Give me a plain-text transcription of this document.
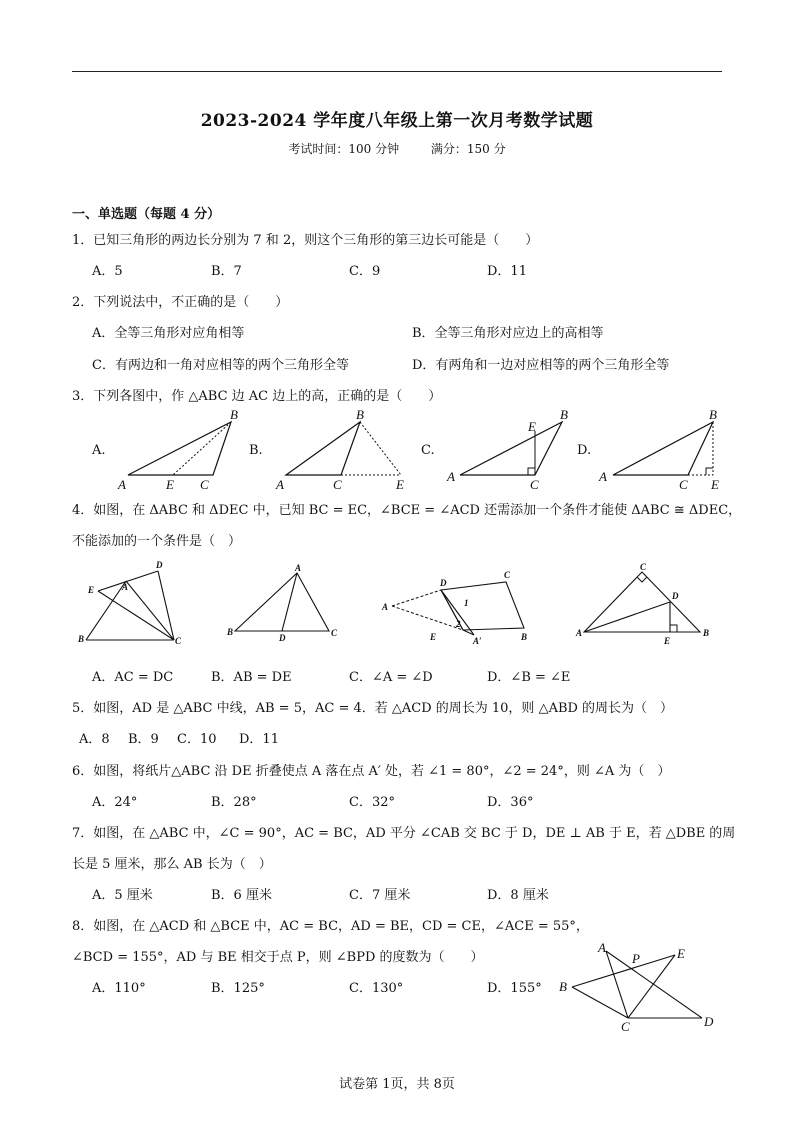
2023-2024 学年度八年级上第一次月考数学试题
考试时间：100 分钟	满分：150 分
一、单选题（每题 4 分）
1．已知三角形的两边长分别为 7 和 2，则这个三角形的第三边长可能是（　　）
A．5	B．7	C．9	D．11
2．下列说法中，不正确的是（　　）
A．全等三角形对应角相等	B．全等三角形对应边上的高相等
C．有两边和一角对应相等的两个三角形全等	D．有两角和一边对应相等的两个三角形全等
3．下列各图中，作 △ABC 边 AC 边上的高，正确的是（　　）
A.	B.	C.	D.
A	E C
B
A	C	E
B
A
C
E
B
A
C E
B
4．如图，在 ΔABC 和 ΔDEC 中，已知 BC = EC，∠BCE = ∠ACD 还需添加一个条件才能使 ΔABC ≅ ΔDEC，
不能添加的一个条件是（　）
E	A
D
B	C
A
B
D	C
A
D
C
E	B
A′
1
2
C
D
A
E
B
A．AC = DC	B．AB = DE	C．∠A = ∠D	D．∠B = ∠E
5．如图，AD 是 △ABC 中线，AB = 5，AC = 4．若 △ACD 的周长为 10，则 △ABD 的周长为（　）
A．8 B．9 C．10 D．11
6．如图，将纸片△ABC 沿 DE 折叠使点 A 落在点 A′ 处，若 ∠1 = 80°，∠2 = 24°，则 ∠A 为（　）
A．24°	B．28°	C．32°	D．36°
7．如图，在 △ABC 中，∠C = 90°，AC = BC，AD 平分 ∠CAB 交 BC 于 D，DE ⊥ AB 于 E，若 △DBE 的周
长是 5 厘米，那么 AB 长为（　）
A．5 厘米	B．6 厘米	C．7 厘米	D．8 厘米
8．如图，在 △ACD 和 △BCE 中，AC = BC，AD = BE，CD = CE，∠ACE = 55°，
∠BCD = 155°，AD 与 BE 相交于点 P，则 ∠BPD 的度数为（　　）
A．110°	B．125°	C．130°	D．155°
A
P	E
B
C	D
试卷第 1页，共 8页
